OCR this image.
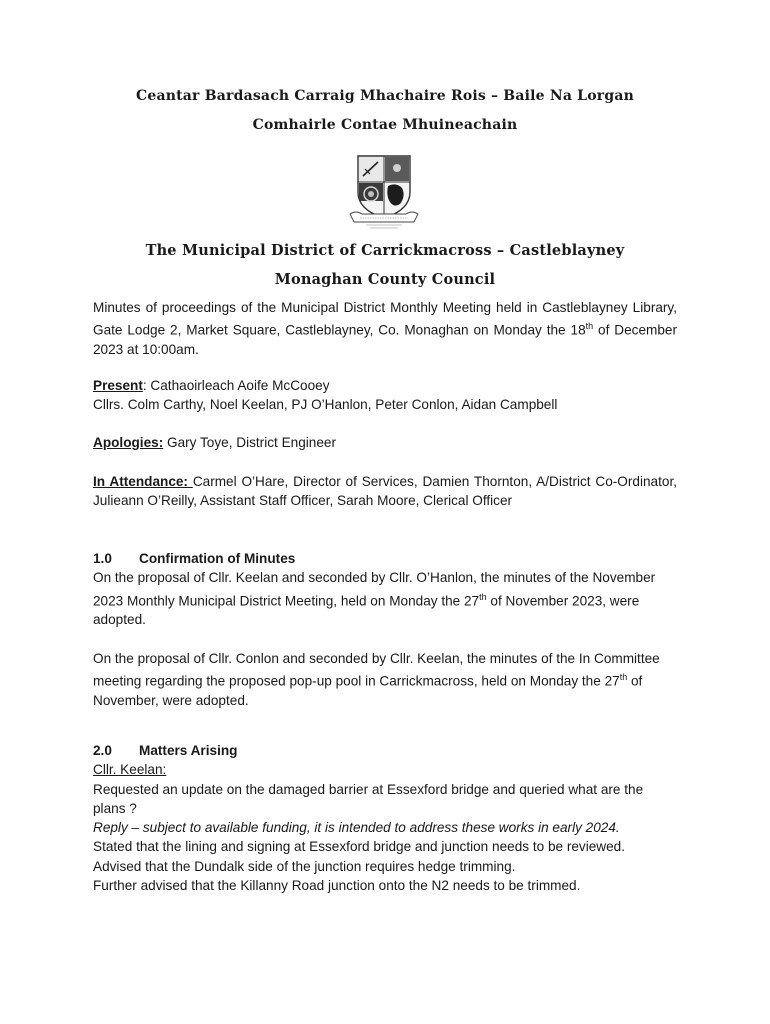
Ceantar Bardasach Carraig Mhachaire Rois – Baile Na Lorgan
Comhairle Contae Mhuineachain
The Municipal District of Carrickmacross – Castleblayney
Monaghan County Council
Minutes of proceedings of the Municipal District Monthly Meeting held in Castleblayney Library, Gate Lodge 2, Market Square, Castleblayney, Co. Monaghan on Monday the 18th of December 2023 at 10:00am.

Present: Cathaoirleach Aoife McCooey

Cllrs. Colm Carthy, Noel Keelan, PJ O’Hanlon, Peter Conlon, Aidan Campbell

Apologies: Gary Toye, District Engineer
In Attendance: Carmel O’Hare, Director of Services, Damien Thornton, A/District Co-Ordinator, Julieann O’Reilly, Assistant Staff Officer, Sarah Moore, Clerical Officer

1.0 Confirmation of Minutes

On the proposal of Cllr. Keelan and seconded by Cllr. O’Hanlon, the minutes of the November 2023 Monthly Municipal District Meeting, held on Monday the 27th of November 2023, were adopted.

On the proposal of Cllr. Conlon and seconded by Cllr. Keelan, the minutes of the In Committee meeting regarding the proposed pop-up pool in Carrickmacross, held on Monday the 27th of November, were adopted.

2.0 Matters Arising

Cllr. Keelan:

Requested an update on the damaged barrier at Essexford bridge and queried what are the plans ?

Reply – subject to available funding, it is intended to address these works in early 2024.

Stated that the lining and signing at Essexford bridge and junction needs to be reviewed.

Advised that the Dundalk side of the junction requires hedge trimming.

Further advised that the Killanny Road junction onto the N2 needs to be trimmed.
